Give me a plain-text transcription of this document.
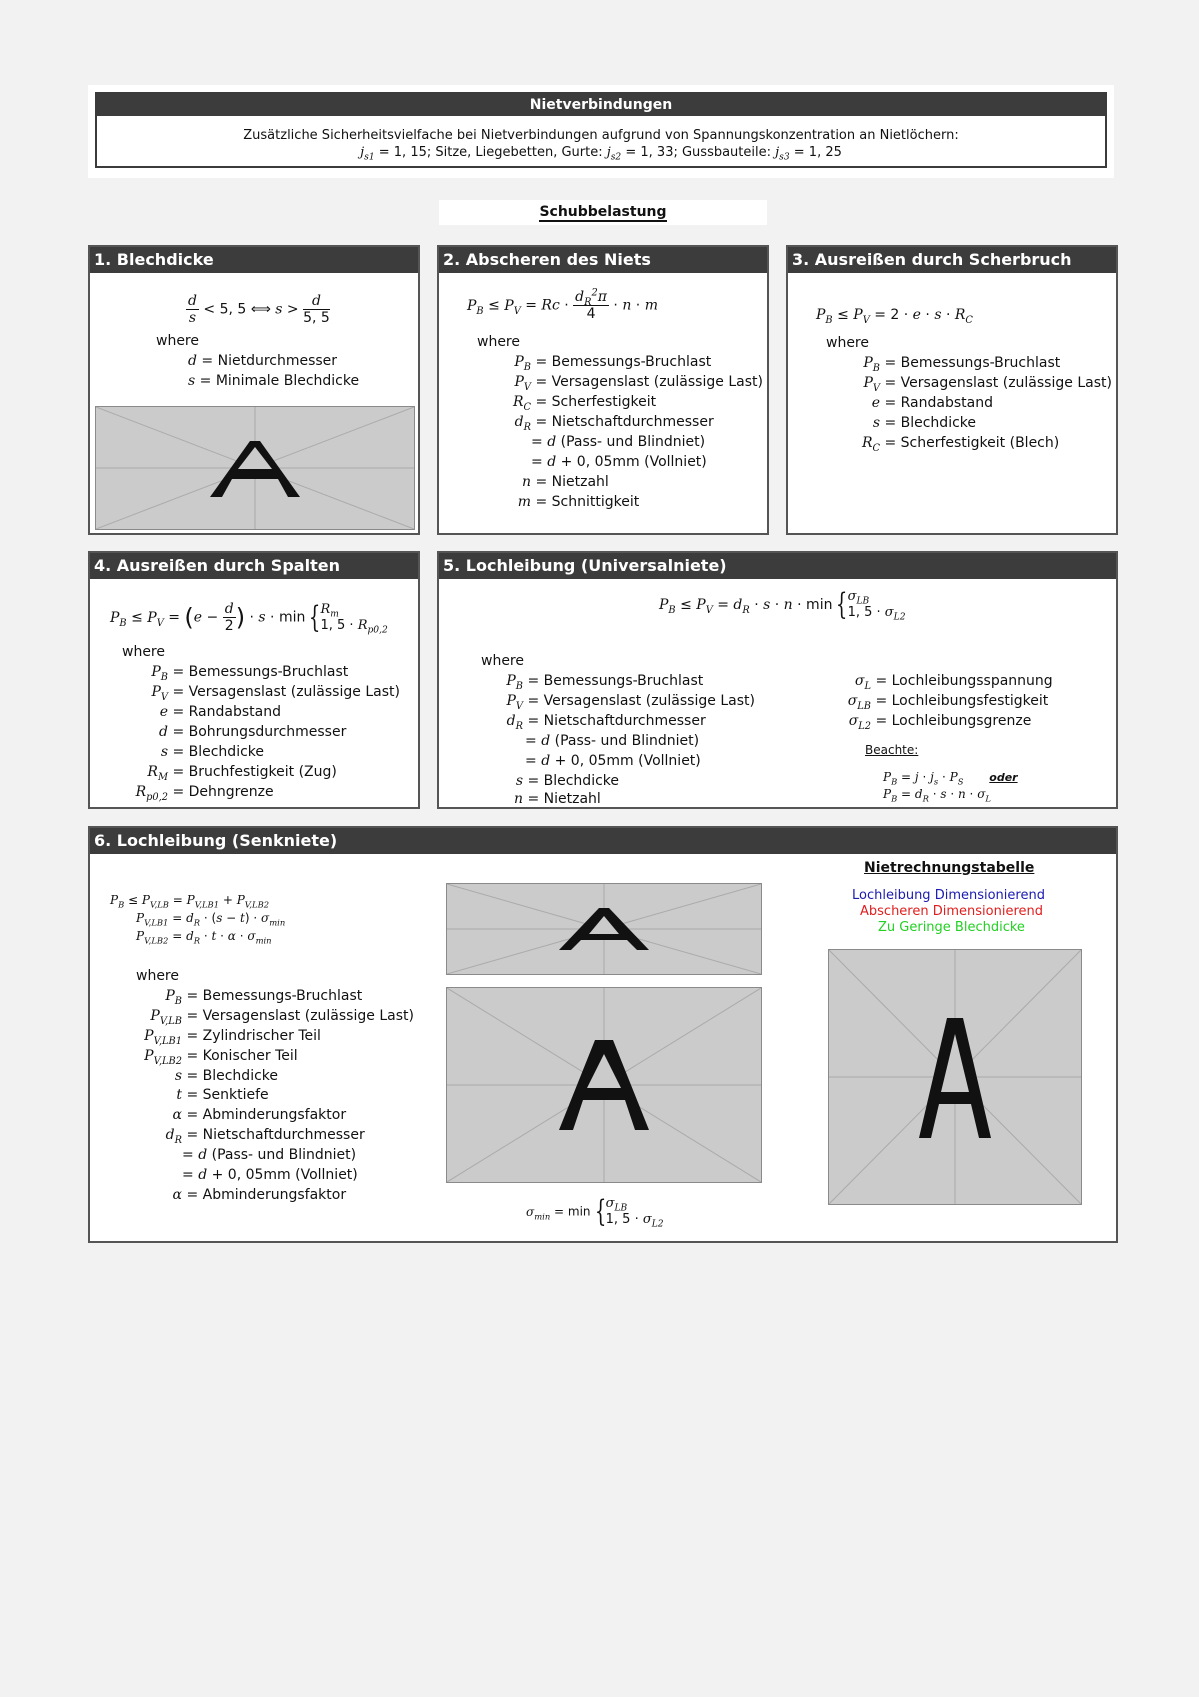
Nietverbindungen
Zusätzliche Sicherheitsvielfache bei Nietverbindungen aufgrund von Spannungskonzentration an Nietlöchern:
$j_{s1} = 1$, 15; Sitze, Liegebetten, Gurte: $j_{s2} = 1$, 33; Gussbauteile: $j_{s3} = 1$, 25
Schubbelastung
1. Blechdicke
$\frac{d}{s} < 5$, 5 ⟺ $s > \frac{d}{5, 5}$
where
d = Nietdurchmesser
s = Minimale Blechdicke
2. Abscheren des Niets
$P_B \le P_V = Rc \cdot \frac{d_R^2\pi}{4} \cdot n \cdot m$
where
$P_B$ = Bemessungs-Bruchlast
$P_V$ = Versagenslast (zulässige Last)
$R_C$ = Scherfestigkeit
$d_R$ = Nietschaftdurchmesser
= d (Pass- und Blindniet)
= d + 0, 05mm (Vollniet)
n = Nietzahl
m = Schnittigkeit
3. Ausreißen durch Scherbruch
$P_B \le P_V = 2 \cdot e \cdot s \cdot R_C$
where
$P_B$ = Bemessungs-Bruchlast
$P_V$ = Versagenslast (zulässige Last)
e = Randabstand
s = Blechdicke
$R_C$ = Scherfestigkeit (Blech)
4. Ausreißen durch Spalten
$P_B \le P_V = (e - \frac{d}{2}$ ) · $s \cdot \min \{R_m$
1, $5 \cdot R_{p0,2}$
where
$P_B$ = Bemessungs-Bruchlast
$P_V$ = Versagenslast (zulässige Last)
e = Randabstand
d = Bohrungsdurchmesser
s = Blechdicke
$R_M$ = Bruchfestigkeit (Zug)
$R_{p0,2}$ = Dehngrenze
5. Lochleibung (Universalniete)
$P_B \le P_V = d_R \cdot s \cdot n \cdot \min \{\sigma_{LB}$
1, $5 \cdot \sigma_{L2}$
where
$P_B$ = Bemessungs-Bruchlast
$P_V$ = Versagenslast (zulässige Last)
$d_R$ = Nietschaftdurchmesser
= d (Pass- und Blindniet)
= d + 0, 05mm (Vollniet)
s = Blechdicke
n = Nietzahl
$\sigma_L$ = Lochleibungsspannung
$\sigma_{LB}$ = Lochleibungsfestigkeit
$\sigma_{L2}$ = Lochleibungsgrenze
Beachte:
$P_B = j \cdot j_s \cdot P_S$ oder
$P_B = d_R \cdot s \cdot n \cdot \sigma_L$
6. Lochleibung (Senkniete)
$P_B \le P_{V,LB} = P_{V,LB1} + P_{V,LB2}$
$P_{V,LB1} = d_R \cdot (s - t) \cdot \sigma_{min}$
$P_{V,LB2} = d_R \cdot t \cdot \alpha \cdot \sigma_{min}$
where
$P_B$ = Bemessungs-Bruchlast
$P_{V,LB}$ = Versagenslast (zulässige Last)
$P_{V,LB1}$ = Zylindrischer Teil
$P_{V,LB2}$ = Konischer Teil
s = Blechdicke
t = Senktiefe
α = Abminderungsfaktor
$d_R$ = Nietschaftdurchmesser
= d (Pass- und Blindniet)
= d + 0, 05mm (Vollniet)
α = Abminderungsfaktor
$\sigma_{min} = \min \{\sigma_{LB}$
1, $5 \cdot \sigma_{L2}$
Nietrechnungstabelle
Lochleibung Dimensionierend
Abscheren Dimensionierend
Zu Geringe Blechdicke
